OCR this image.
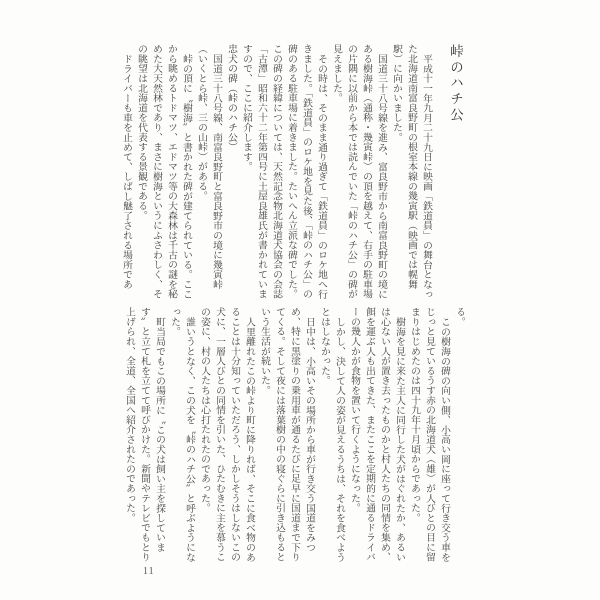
峠のハチ公

平成十一年九月二十九日に映画「鉄道員」の舞台となった北海道南富良野町の根室本線の幾寅駅（映画では幌舞駅）に向かいました。

国道三十八号線を進み、富良野市から南富良野町の境にある樹海峠（通称・幾寅峠）の頂を越えて、右手の駐車場の片隅に以前から本では読んでいた「峠のハチ公」の碑が見えました。

その時は、そのまま通り過ぎて「鉄道員」のロケ地へ行きました。「鉄道員」のロケ地を見た後、「峠のハチ公」の碑のある駐車場に着きました。たいへん立派な碑でした。この碑の経緯については、天然記念物北海道犬協会の会誌「古潭」昭和六十二年第四号に土屋良雄氏が書かれていますので、ここに紹介します。

忠犬の碑（峠のハチ公）

国道三十八号線、南富良野町と富良野市の境に幾寅峠（いくとら峠、三の山峠）がある。

峠の頂に〝樹海〟と書かれた碑が建てられている。ここから眺めるトドマツ、エドマツ等の大森林は千古の謎を秘めた大天然林であり、まさに樹海というにふさわしく、その眺望は北海道を代表する景観である。

ドライバーも車を止めて、しばし魅了される場所であ

る。

この樹海の碑の向い側、小高い岡に座って行き交う車をじっと見ているうす赤の北海道犬（雄）が人びとの目に留まりはじめたのは四十九年十月頃からであった。

樹海を見に来た主人に同行した犬がはぐれたか、あるいは心ない人が置き去ったものかと村人たちの同情を集め、餌を運ぶ人も出てきた、またここを定期的に通るドライバーの幾人かが食物を置いて行くようになった。

しかし、決して人の姿が見えるうちは、それを食べようとはしなかった。

日中は、小高いその場所から車が行き交う国道をみつめ、特に黒塗りの乗用車が通るたびに足早に国道まで下りてくる。そして夜には落葉樹の中の寝ぐらに引き込もるという生活が続いた。

人里離れたこの峠より町に降りれば、そこに食べ物のあることは十分知っていただろう、しかしそうはしないこの犬に、一層人びとの同情を引いた、ひたむきに主を慕うこの姿に、村の人たちは心打たれたのであった。

誰いうとなく、この犬を〝峠のハチ公〟と呼ぶようになった。

町当局でもこの場所に〝この犬は飼い主を探しています〟と立て札を立てて呼びかけた。新聞やテレビでもとり上げられ、全道、全国へ紹介されたのであった。

11
